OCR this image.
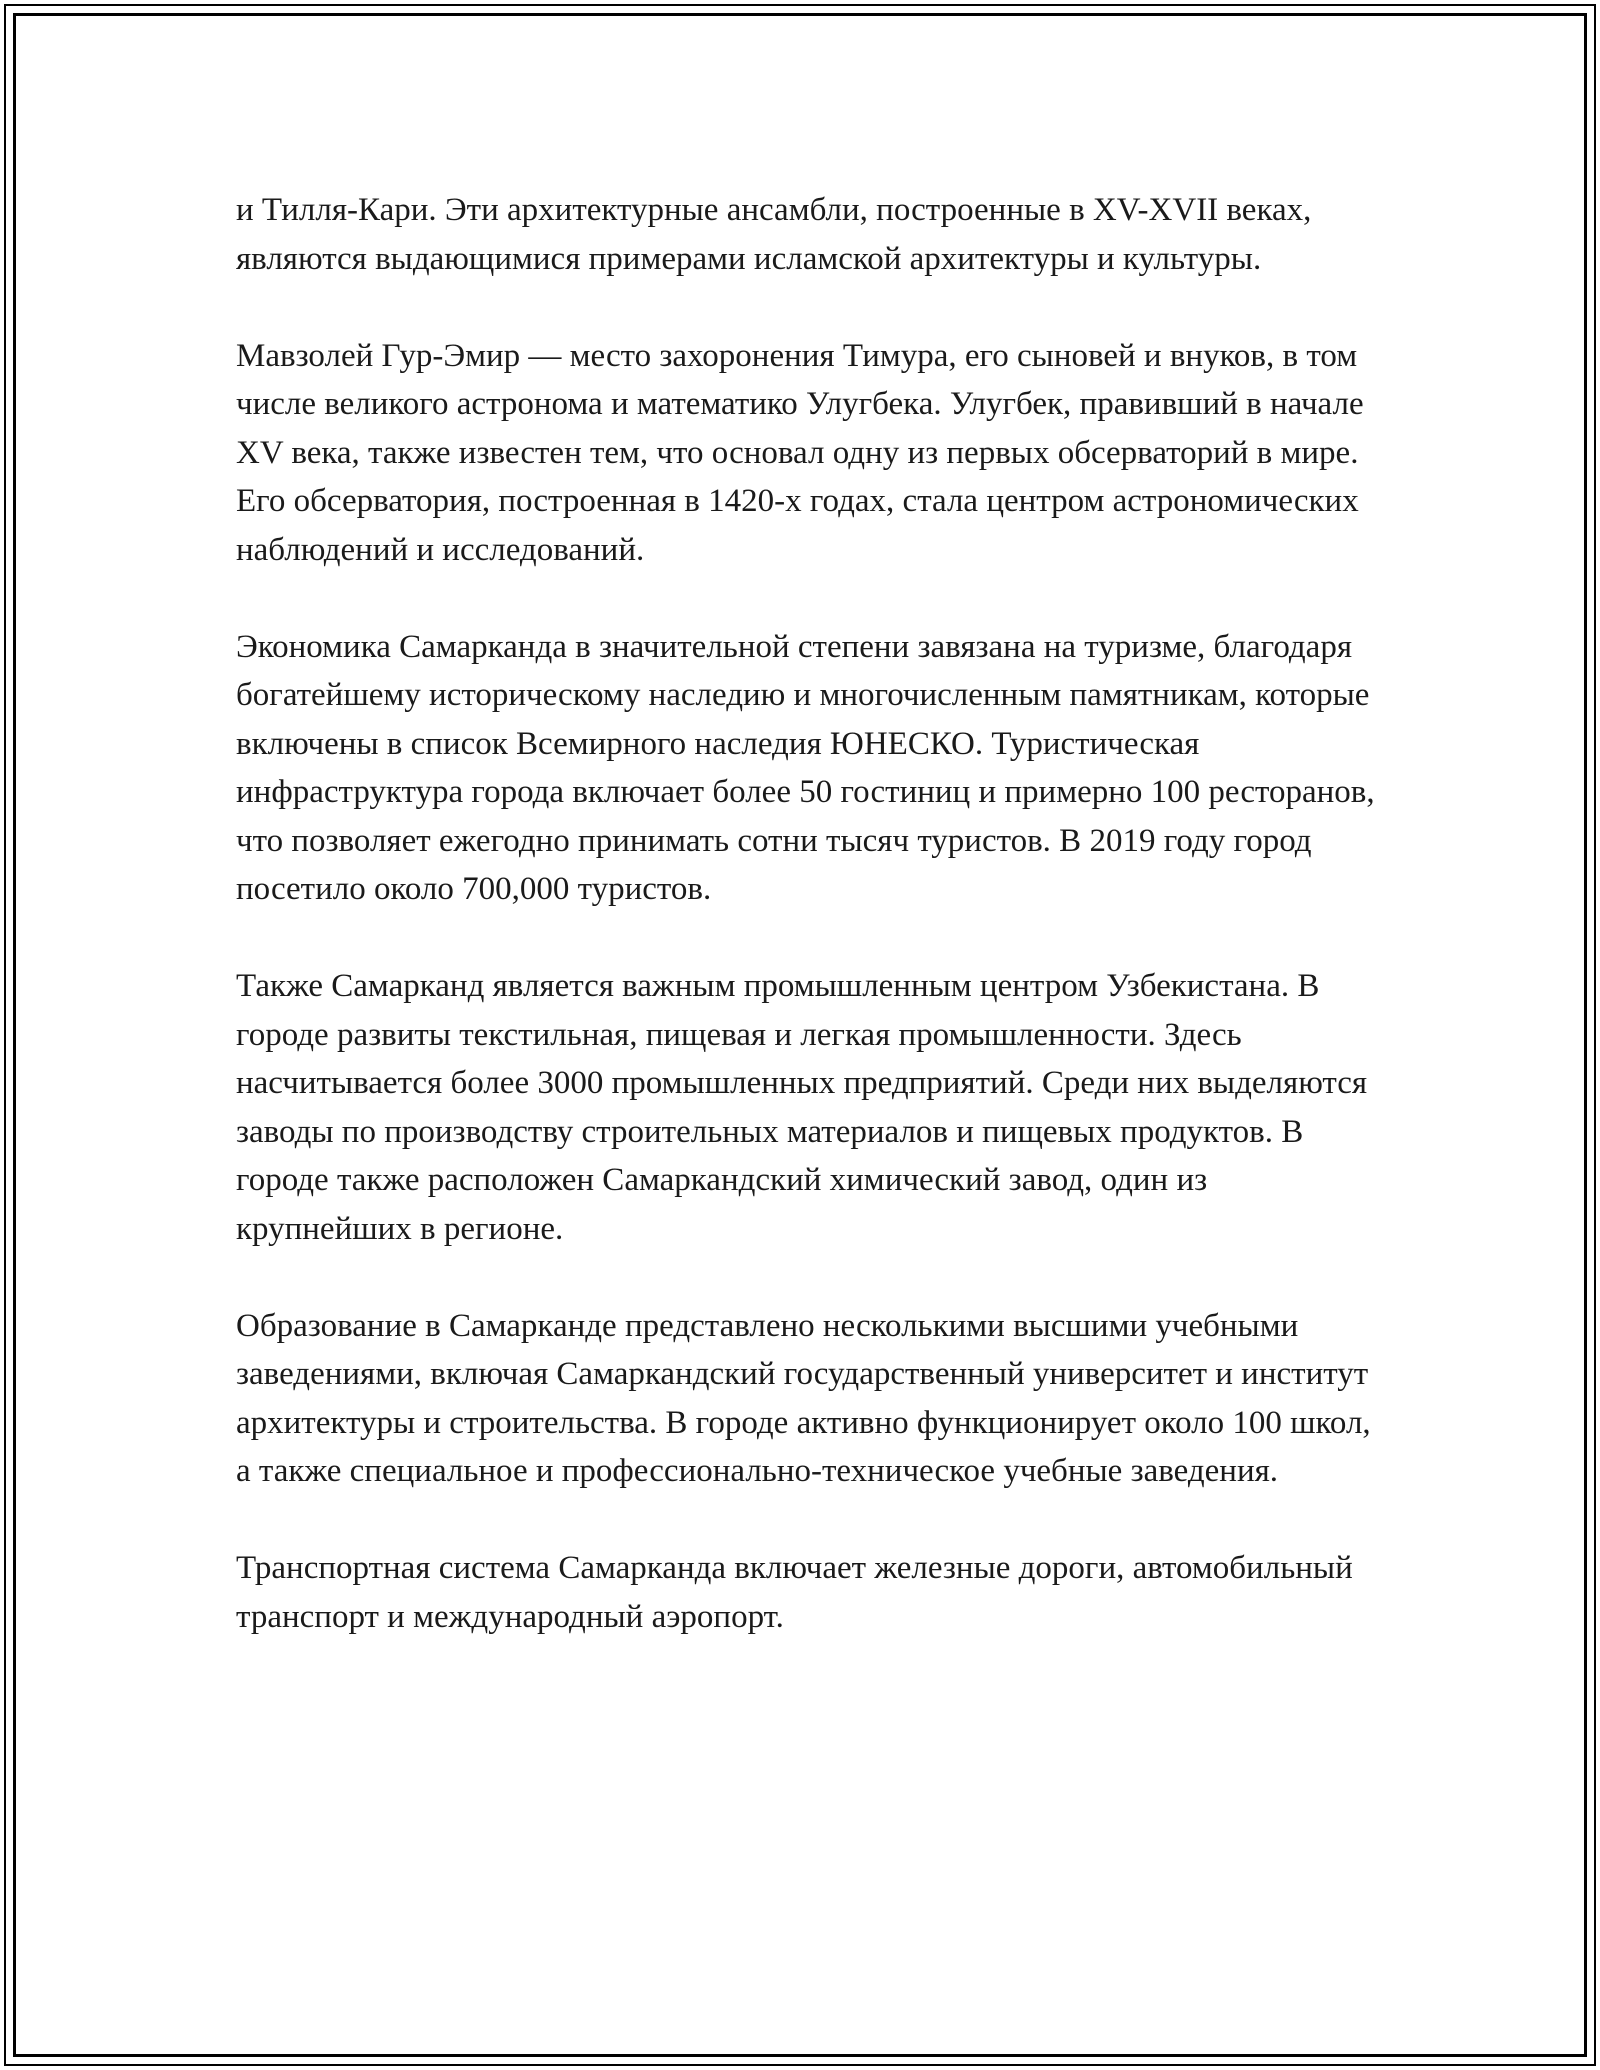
и Тилля-Кари. Эти архитектурные ансамбли, построенные в XV-XVII веках, являются выдающимися примерами исламской архитектуры и культуры.

Мавзолей Гур-Эмир — место захоронения Тимура, его сыновей и внуков, в том числе великого астронома и математико Улугбека. Улугбек, правивший в начале XV века, также известен тем, что основал одну из первых обсерваторий в мире. Его обсерватория, построенная в 1420-х годах, стала центром астрономических наблюдений и исследований.

Экономика Самарканда в значительной степени завязана на туризме, благодаря богатейшему историческому наследию и многочисленным памятникам, которые включены в список Всемирного наследия ЮНЕСКО. Туристическая инфраструктура города включает более 50 гостиниц и примерно 100 ресторанов, что позволяет ежегодно принимать сотни тысяч туристов. В 2019 году город посетило около 700,000 туристов.

Также Самарканд является важным промышленным центром Узбекистана. В городе развиты текстильная, пищевая и легкая промышленности. Здесь насчитывается более 3000 промышленных предприятий. Среди них выделяются заводы по производству строительных материалов и пищевых продуктов. В городе также расположен Самаркандский химический завод, один из крупнейших в регионе.

Образование в Самарканде представлено несколькими высшими учебными заведениями, включая Самаркандский государственный университет и институт архитектуры и строительства. В городе активно функционирует около 100 школ, а также специальное и профессионально-техническое учебные заведения.

Транспортная система Самарканда включает железные дороги, автомобильный транспорт и международный аэропорт.
